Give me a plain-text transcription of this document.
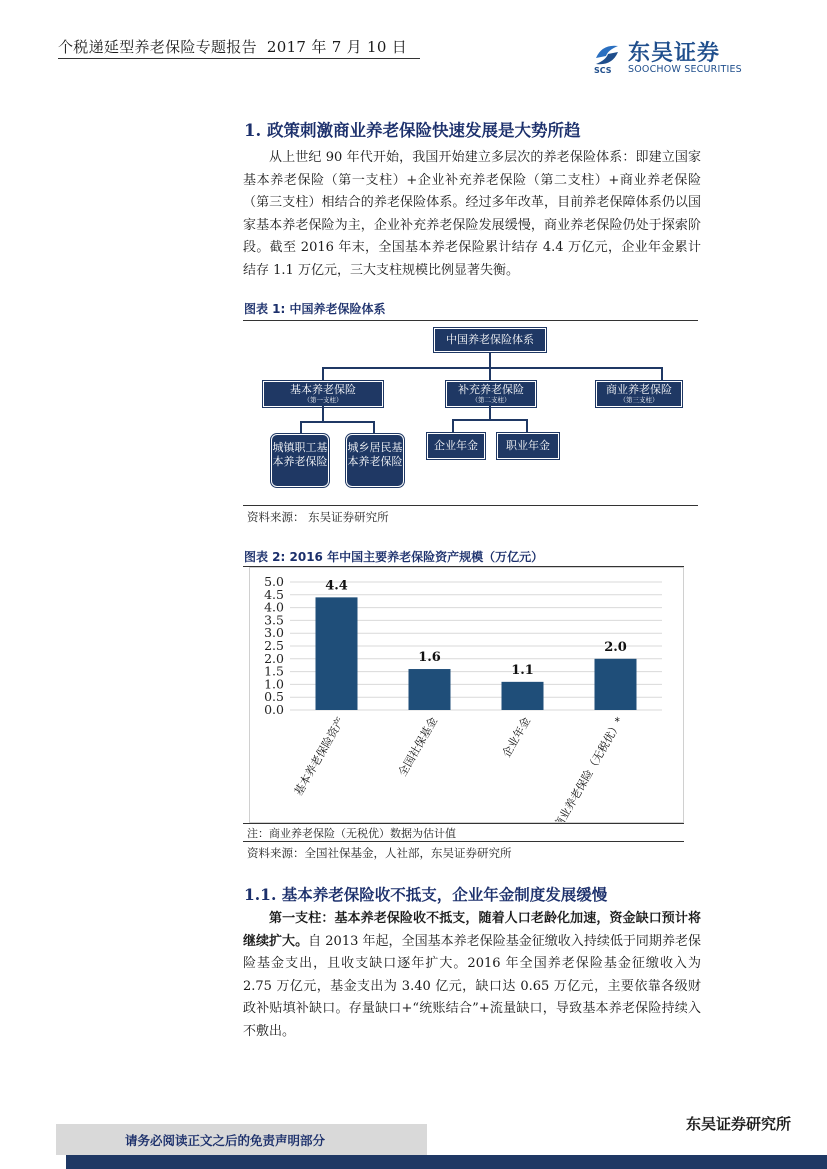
个税递延型养老保险专题报告 2017 年 7 月 10 日
SCS
东吴证券
SOOCHOW SECURITIES
1. 政策刺激商业养老保险快速发展是大势所趋

从上世纪 90 年代开始，我国开始建立多层次的养老保险体系：即建立国家基本养老保险（第一支柱）+企业补充养老保险（第二支柱）+商业养老保险（第三支柱）相结合的养老保险体系。经过多年改革，目前养老保障体系仍以国家基本养老保险为主，企业补充养老保险发展缓慢，商业养老保险仍处于探索阶段。截至 2016 年末，全国基本养老保险累计结存 4.4 万亿元，企业年金累计结存 1.1 万亿元，三大支柱规模比例显著失衡。

图表 1: 中国养老保险体系
中国养老保险体系
基本养老保险
（第一支柱）
补充养老保险
（第二支柱）
商业养老保险
（第三支柱）
城镇职工基本养老保险
城乡居民基本养老保险
企业年金	职业年金
资料来源： 东吴证券研究所
图表 2: 2016 年中国主要养老保险资产规模（万亿元）
0.0
0.5
1.0
1.5
2.0
2.5
3.0
3.5
4.0
4.5
5.0	4.4
基本养老保险资产
1.6
全国社保基金
1.1
企业年金
2.0
商业养老保险（无税优）*
注：商业养老保险（无税优）数据为估计值
资料来源：全国社保基金，人社部，东吴证券研究所
1.1. 基本养老保险收不抵支，企业年金制度发展缓慢

第一支柱：基本养老保险收不抵支，随着人口老龄化加速，资金缺口预计将继续扩大。自 2013 年起，全国基本养老保险基金征缴收入持续低于同期养老保险基金支出，且收支缺口逐年扩大。2016 年全国养老保险基金征缴收入为 2.75 万亿元，基金支出为 3.40 亿元，缺口达 0.65 万亿元，主要依靠各级财政补贴填补缺口。存量缺口+“统账结合”+流量缺口，导致基本养老保险持续入不敷出。

请务必阅读正文之后的免责声明部分
东吴证券研究所
